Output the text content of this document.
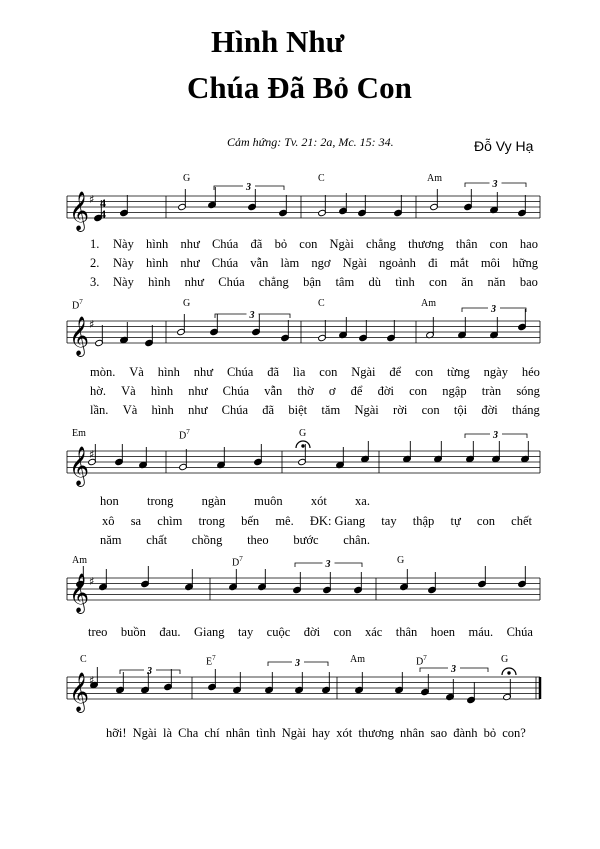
Hình Như
Chúa Đã Bỏ Con
Cảm hứng: Tv. 21: 2a, Mc. 15: 34.	Đỗ Vy Hạ
𝄞 ♯ 4
4
𝄞 ♯
𝄞 ♯
𝄞 ♯
𝄞 ♯
3	3
3
3
3
3
3
3
3
G	C	Am
$D^7$	G	C	Am
Em	$D^7$	G
Am	$D^7$	G
C	$E^7$	Am	$D^7$	G
1. Này hình như Chúa đã bỏ con Ngài chẳng thương thân con hao
2. Này hình như Chúa vẫn làm ngơ Ngài ngoảnh đi mắt môi hững
3. Này hình như Chúa chẳng bận tâm dù tình con ăn năn bao
mòn. Và hình như Chúa đã lìa con Ngài để con từng ngày héo
hờ. Và hình như Chúa vẫn thờ ơ để đời con ngập tràn sóng
lần. Và hình như Chúa đã biệt tăm Ngài rời con tội đời tháng
hon trong ngàn muôn xót xa.
xô sa chìm trong bến mê. ĐK: Giang tay thập tự con chết
năm chất chồng theo bước chân.
treo buồn đau. Giang tay cuộc đời con xác thân hoen máu. Chúa
hỡi! Ngài là Cha chí nhân tình Ngài hay xót thương nhân sao đành bỏ con?
